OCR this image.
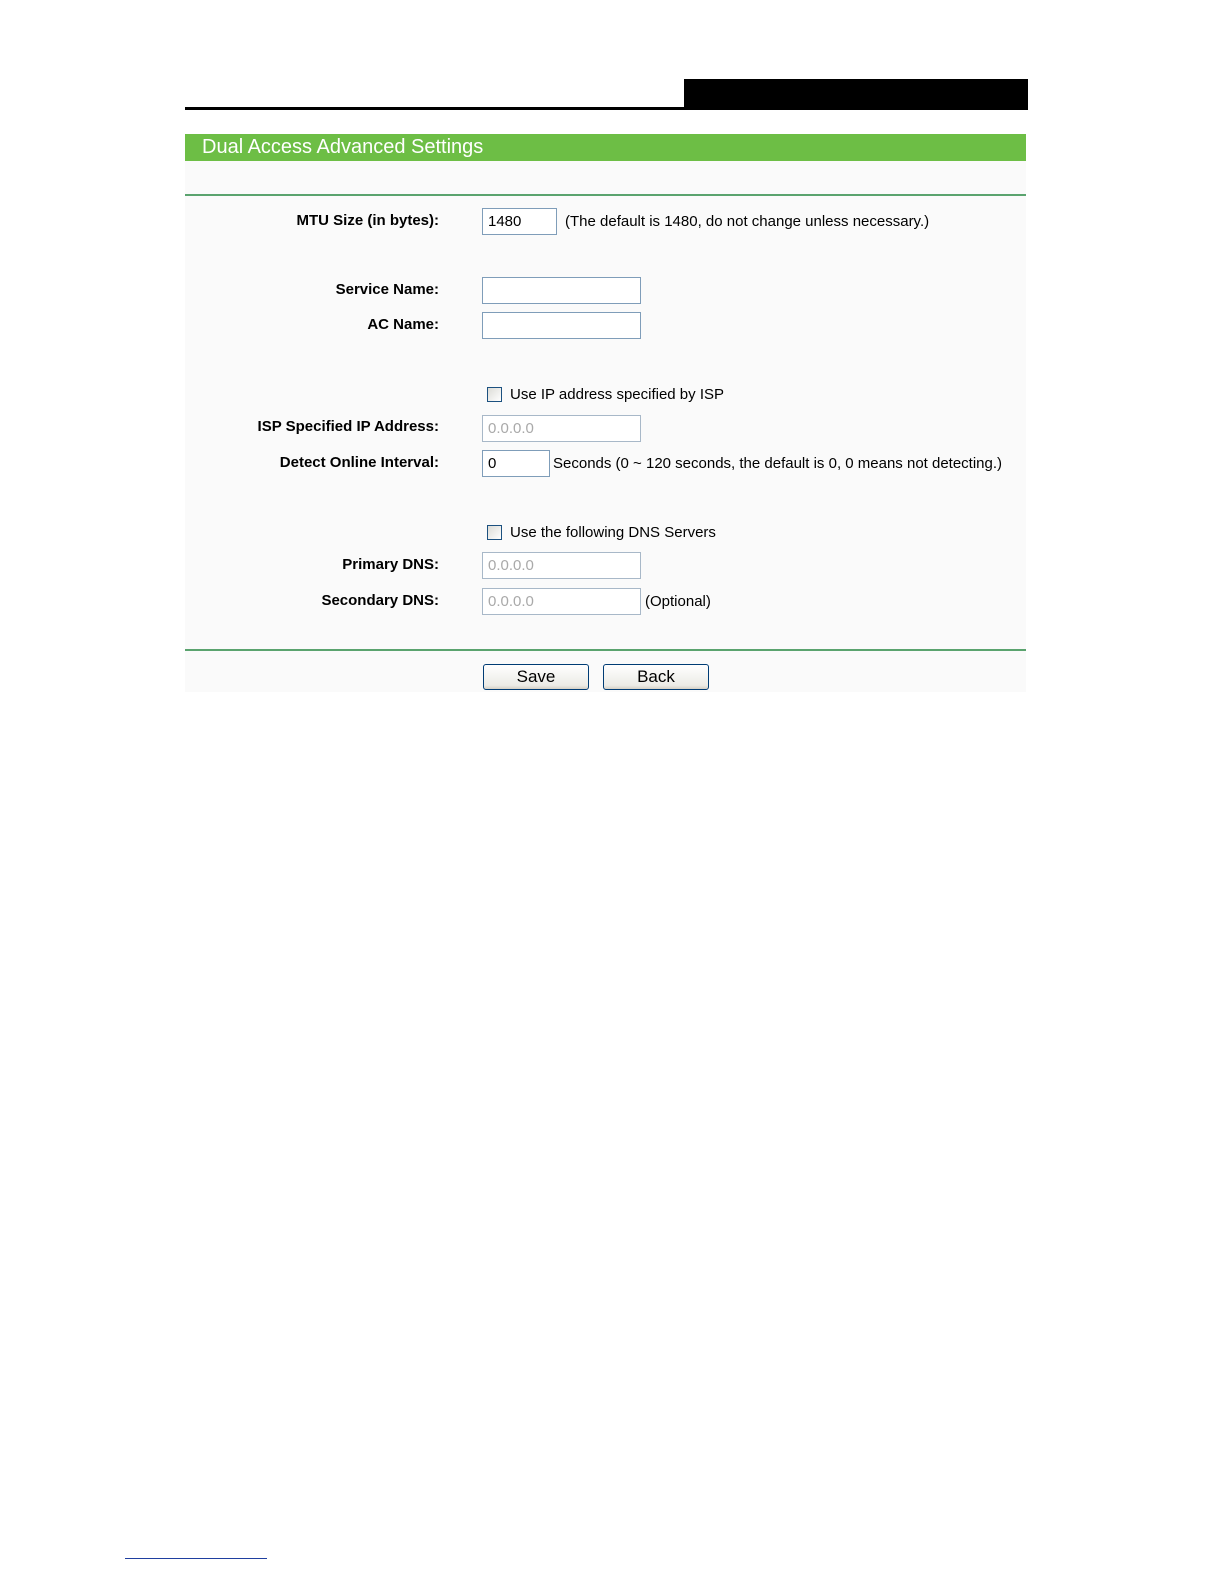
Dual Access Advanced Settings
MTU Size (in bytes):
1480	(The default is 1480, do not change unless necessary.)
Service Name:
AC Name:
Use IP address specified by ISP
ISP Specified IP Address:
0.0.0.0
Detect Online Interval:
0	Seconds (0 ~ 120 seconds, the default is 0, 0 means not detecting.)
Use the following DNS Servers
Primary DNS:
0.0.0.0
Secondary DNS:
0.0.0.0	(Optional)
Save	Back
